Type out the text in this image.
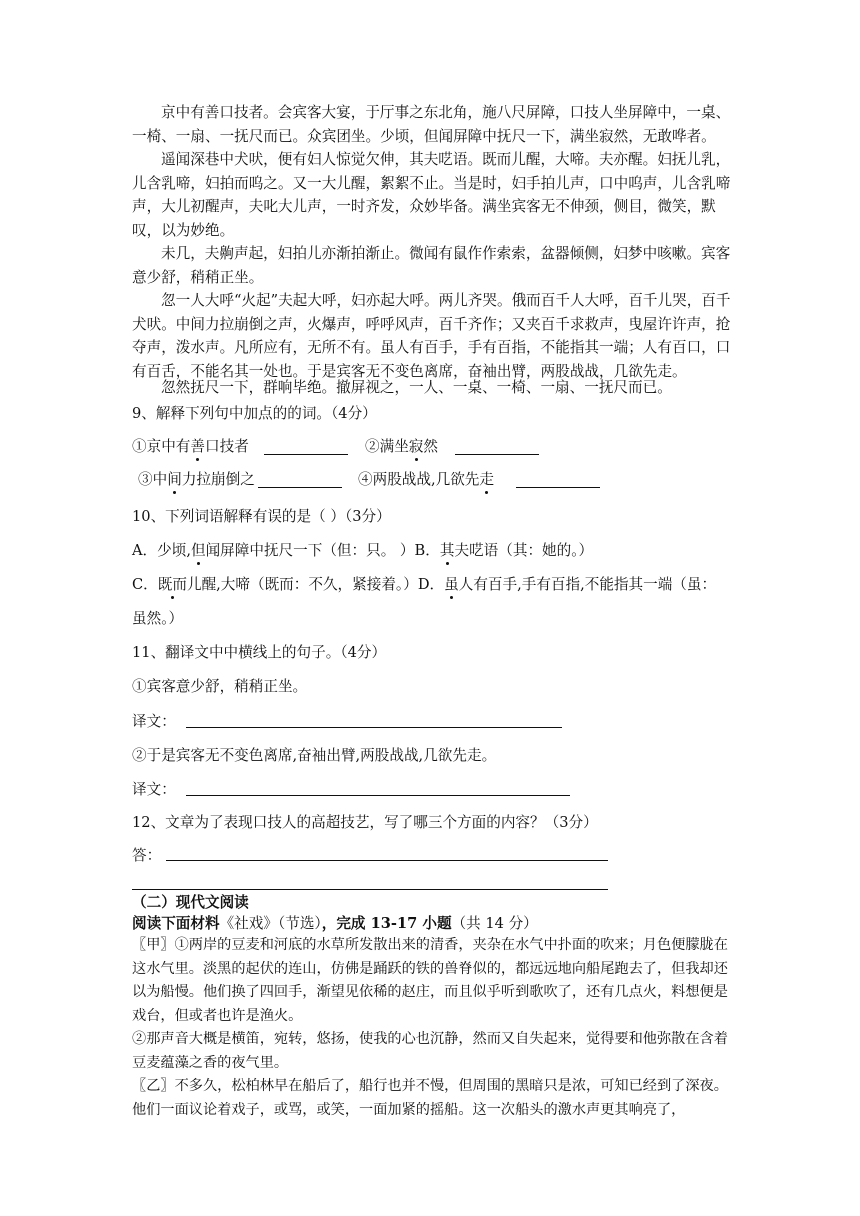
京中有善口技者。会宾客大宴，于厅事之东北角，施八尺屏障，口技人坐屏障中，一桌、一椅、一扇、一抚尺而已。众宾团坐。少顷，但闻屏障中抚尺一下，满坐寂然，无敢哗者。

遥闻深巷中犬吠，便有妇人惊觉欠伸，其夫呓语。既而儿醒，大啼。夫亦醒。妇抚儿乳，儿含乳啼，妇拍而呜之。又一大儿醒，絮絮不止。当是时，妇手拍儿声，口中呜声，儿含乳啼声，大儿初醒声，夫叱大儿声，一时齐发，众妙毕备。满坐宾客无不伸颈，侧目，微笑，默叹，以为妙绝。

未几，夫齁声起，妇拍儿亦渐拍渐止。微闻有鼠作作索索，盆器倾侧，妇梦中咳嗽。宾客意少舒，稍稍正坐。

忽一人大呼“火起”夫起大呼，妇亦起大呼。两儿齐哭。俄而百千人大呼，百千儿哭，百千犬吠。中间力拉崩倒之声，火爆声，呼呼风声，百千齐作；又夹百千求救声，曳屋许许声，抢夺声，泼水声。凡所应有，无所不有。虽人有百手，手有百指，不能指其一端；人有百口，口有百舌，不能名其一处也。于是宾客无不变色离席，奋袖出臂，两股战战，几欲先走。

忽然抚尺一下，群响毕绝。撤屏视之，一人、一桌、一椅、一扇、一抚尺而已。

9、解释下列句中加点的的词。（4分）
①京中有善口技者	②满坐寂然
③中间力拉崩倒之	④两股战战,几欲先走
10、下列词语解释有误的是（ ）（3分）
A．少顷,但闻屏障中抚尺一下（但：只。 ）B．其夫呓语（其：她的。）
C．既而儿醒,大啼（既而：不久，紧接着。）D．虽人有百手,手有百指,不能指其一端（虽：
虽然。）
11、翻译文中中横线上的句子。（4分）
①宾客意少舒，稍稍正坐。
译文：
②于是宾客无不变色离席,奋袖出臂,两股战战,几欲先走。
译文：
12、文章为了表现口技人的高超技艺，写了哪三个方面的内容？（3分）
答：
（二）现代文阅读
阅读下面材料《社戏》（节选），完成 13-17 小题（共 14 分）

〖甲〗①两岸的豆麦和河底的水草所发散出来的清香，夹杂在水气中扑面的吹来；月色便朦胧在这水气里。淡黑的起伏的连山，仿佛是踊跃的铁的兽脊似的，都远远地向船尾跑去了，但我却还以为船慢。他们换了四回手，渐望见依稀的赵庄，而且似乎听到歌吹了，还有几点火，料想便是戏台，但或者也许是渔火。

②那声音大概是横笛，宛转，悠扬，使我的心也沉静，然而又自失起来，觉得要和他弥散在含着豆麦蕴藻之香的夜气里。

〖乙〗不多久，松柏林早在船后了，船行也并不慢，但周围的黑暗只是浓，可知已经到了深夜。他们一面议论着戏子，或骂，或笑，一面加紧的摇船。这一次船头的激水声更其响亮了，
